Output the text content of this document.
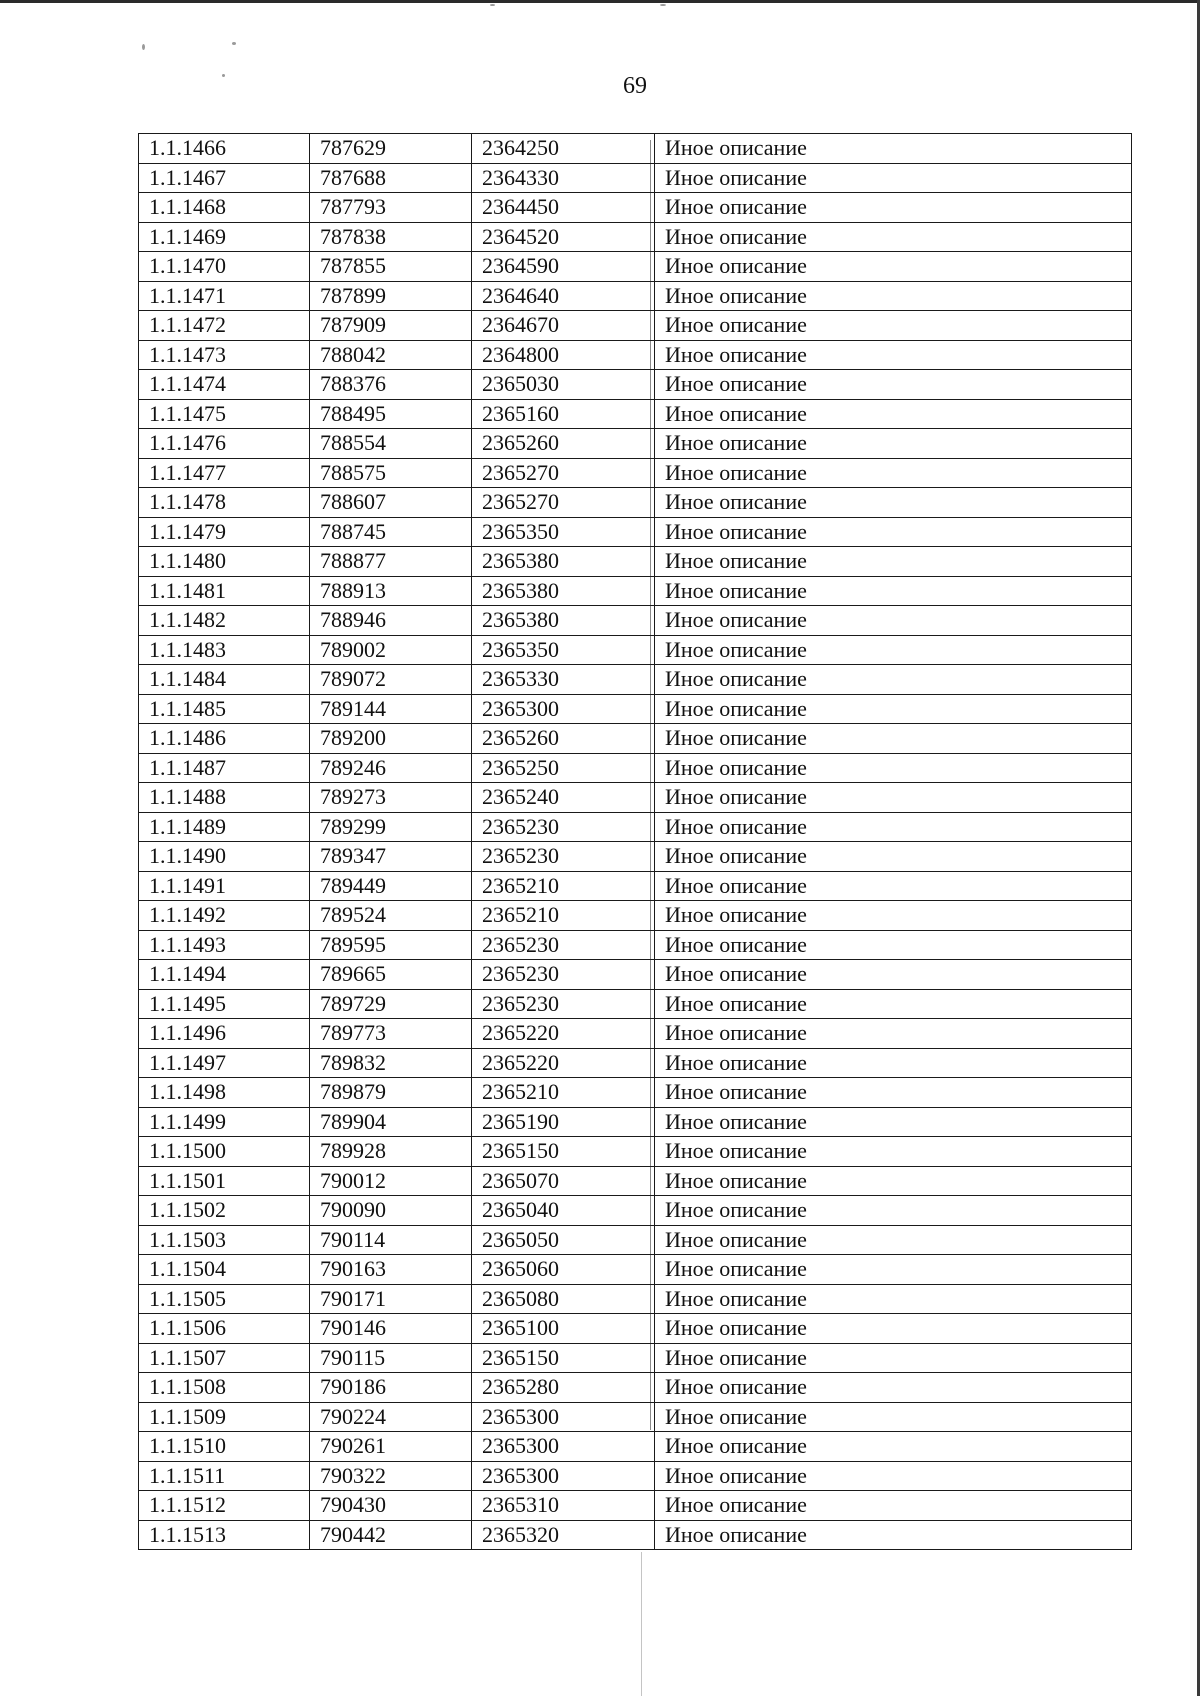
69
1.1.1466	787629	2364250	Иное описание
1.1.1467	787688	2364330	Иное описание
1.1.1468	787793	2364450	Иное описание
1.1.1469	787838	2364520	Иное описание
1.1.1470	787855	2364590	Иное описание
1.1.1471	787899	2364640	Иное описание
1.1.1472	787909	2364670	Иное описание
1.1.1473	788042	2364800	Иное описание
1.1.1474	788376	2365030	Иное описание
1.1.1475	788495	2365160	Иное описание
1.1.1476	788554	2365260	Иное описание
1.1.1477	788575	2365270	Иное описание
1.1.1478	788607	2365270	Иное описание
1.1.1479	788745	2365350	Иное описание
1.1.1480	788877	2365380	Иное описание
1.1.1481	788913	2365380	Иное описание
1.1.1482	788946	2365380	Иное описание
1.1.1483	789002	2365350	Иное описание
1.1.1484	789072	2365330	Иное описание
1.1.1485	789144	2365300	Иное описание
1.1.1486	789200	2365260	Иное описание
1.1.1487	789246	2365250	Иное описание
1.1.1488	789273	2365240	Иное описание
1.1.1489	789299	2365230	Иное описание
1.1.1490	789347	2365230	Иное описание
1.1.1491	789449	2365210	Иное описание
1.1.1492	789524	2365210	Иное описание
1.1.1493	789595	2365230	Иное описание
1.1.1494	789665	2365230	Иное описание
1.1.1495	789729	2365230	Иное описание
1.1.1496	789773	2365220	Иное описание
1.1.1497	789832	2365220	Иное описание
1.1.1498	789879	2365210	Иное описание
1.1.1499	789904	2365190	Иное описание
1.1.1500	789928	2365150	Иное описание
1.1.1501	790012	2365070	Иное описание
1.1.1502	790090	2365040	Иное описание
1.1.1503	790114	2365050	Иное описание
1.1.1504	790163	2365060	Иное описание
1.1.1505	790171	2365080	Иное описание
1.1.1506	790146	2365100	Иное описание
1.1.1507	790115	2365150	Иное описание
1.1.1508	790186	2365280	Иное описание
1.1.1509	790224	2365300	Иное описание
1.1.1510	790261	2365300	Иное описание
1.1.1511	790322	2365300	Иное описание
1.1.1512	790430	2365310	Иное описание
1.1.1513	790442	2365320	Иное описание
